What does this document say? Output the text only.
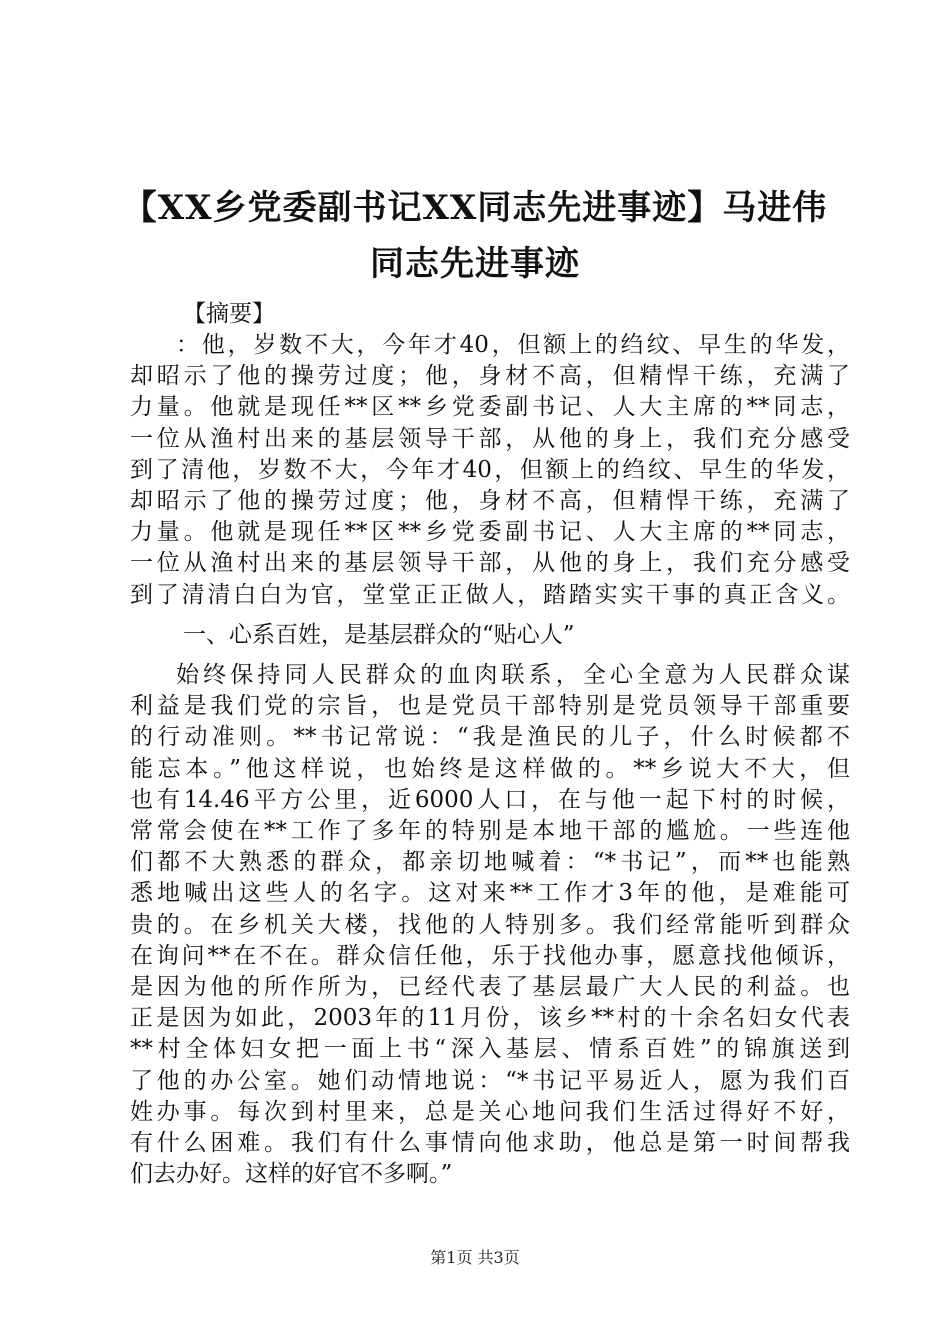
【XX乡党委副书记XX同志先进事迹】马进伟
同志先进事迹

【摘要】

：他，岁数不大，今年才40，但额上的绉纹、早生的华发，
却昭示了他的操劳过度；他，身材不高，但精悍干练，充满了
力量。他就是现任**区**乡党委副书记、人大主席的**同志，
一位从渔村出来的基层领导干部，从他的身上，我们充分感受
到了清他，岁数不大，今年才40，但额上的绉纹、早生的华发，
却昭示了他的操劳过度；他，身材不高，但精悍干练，充满了
力量。他就是现任**区**乡党委副书记、人大主席的**同志，
一位从渔村出来的基层领导干部，从他的身上，我们充分感受
到了清清白白为官，堂堂正正做人，踏踏实实干事的真正含义。

一、心系百姓，是基层群众的“贴心人”

始终保持同人民群众的血肉联系，全心全意为人民群众谋
利益是我们党的宗旨，也是党员干部特别是党员领导干部重要
的行动准则。**书记常说：“我是渔民的儿子，什么时候都不
能忘本。”他这样说，也始终是这样做的。**乡说大不大，但
也有14.46平方公里，近6000人口，在与他一起下村的时候，
常常会使在**工作了多年的特别是本地干部的尴尬。一些连他
们都不大熟悉的群众，都亲切地喊着：“*书记”，而**也能熟
悉地喊出这些人的名字。这对来**工作才3年的他，是难能可
贵的。在乡机关大楼，找他的人特别多。我们经常能听到群众
在询问**在不在。群众信任他，乐于找他办事，愿意找他倾诉，
是因为他的所作所为，已经代表了基层最广大人民的利益。也
正是因为如此，2003年的11月份，该乡**村的十余名妇女代表
**村全体妇女把一面上书“深入基层、情系百姓”的锦旗送到
了他的办公室。她们动情地说：“*书记平易近人，愿为我们百
姓办事。每次到村里来，总是关心地问我们生活过得好不好，
有什么困难。我们有什么事情向他求助，他总是第一时间帮我
们去办好。这样的好官不多啊。”
第1页 共3页
